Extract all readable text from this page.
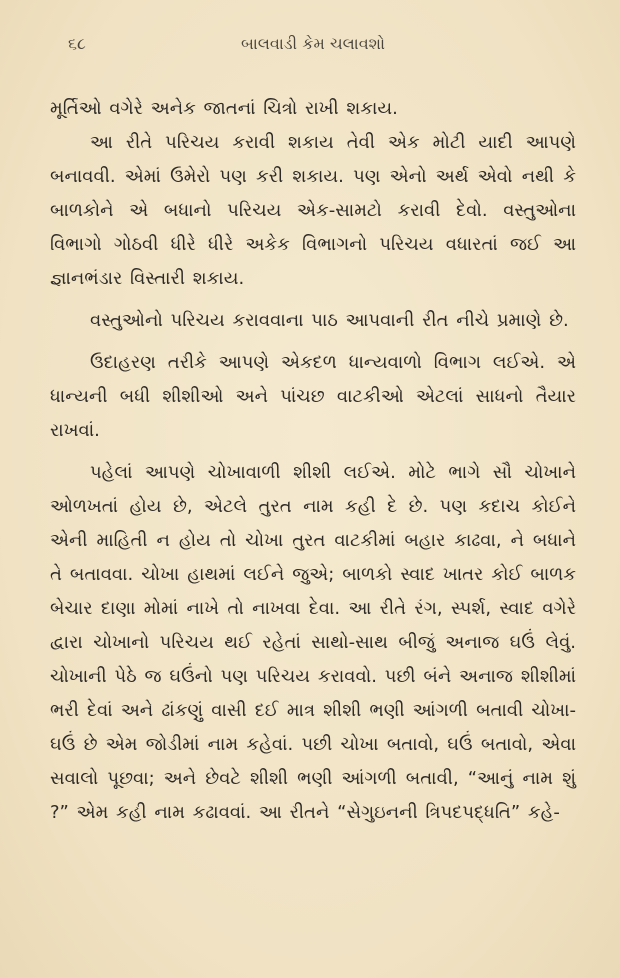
૬૮	બાલવાડી કેમ ચલાવશો

મૂર્તિઓ વગેરે અનેક જાતનાં ચિત્રો રાખી શકાય.

આ રીતે પરિચય કરાવી શકાય તેવી એક મોટી યાદી આપણે બનાવવી. એમાં ઉમેરો પણ કરી શકાય. પણ એનો અર્થ એવો નથી કે બાળકોને એ બધાનો પરિચય એક-સામટો કરાવી દેવો. વસ્તુઓના વિભાગો ગોઠવી ધીરે ધીરે અકેક વિભાગનો પરિચય વધારતાં જઈ આ જ્ઞાનભંડાર વિસ્તારી શકાય.

વસ્તુઓનો પરિચય કરાવવાના પાઠ આપવાની રીત નીચે પ્રમાણે છે.

ઉદાહરણ તરીકે આપણે એકદળ ધાન્યવાળો વિભાગ લઈએ. એ ધાન્યની બધી શીશીઓ અને પાંચછ વાટકીઓ એટલાં સાધનો તૈયાર રાખવાં.

પહેલાં આપણે ચોખાવાળી શીશી લઈએ. મોટે ભાગે સૌ ચોખાને ઓળખતાં હોય છે, એટલે તુરત નામ કહી દે છે. પણ કદાચ કોઈને એની માહિતી ન હોય તો ચોખા તુરત વાટકીમાં બહાર કાઢવા, ને બધાને તે બતાવવા. ચોખા હાથમાં લઈને જુએ; બાળકો સ્વાદ ખાતર કોઈ બાળક બેચાર દાણા મોમાં નાખે તો નાખવા દેવા. આ રીતે રંગ, સ્પર્શ, સ્વાદ વગેરે દ્વારા ચોખાનો પરિચય થઈ રહેતાં સાથો-સાથ બીજું અનાજ ઘઉં લેવું. ચોખાની પેઠે જ ઘઉંનો પણ પરિચય કરાવવો. પછી બંને અનાજ શીશીમાં ભરી દેવાં અને ઢાંકણું વાસી દઈ માત્ર શીશી ભણી આંગળી બતાવી ચોખા-ઘઉં છે એમ જોડીમાં નામ કહેવાં. પછી ચોખા બતાવો, ઘઉં બતાવો, એવા સવાલો પૂછવા; અને છેવટે શીશી ભણી આંગળી બતાવી, “આનું નામ શું ?” એમ કહી નામ કઢાવવાં. આ રીતને “સેગુઇનની ત્રિપદપદ્ધતિ” કહે-
